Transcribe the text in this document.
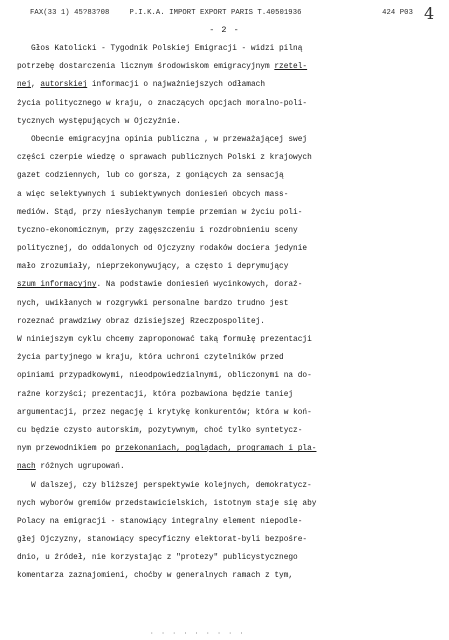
FAX(33 1) 45?83?08	P.I.K.A. IMPORT EXPORT PARIS T.40501936	424 P03 4
- 2 -
Głos Katolicki - Tygodnik Polskiej Emigracji - widzi pilną
potrzebę dostarczenia licznym środowiskom emigracyjnym rzetel-
nej, autorskiej informacji o najważniejszych odłamach
życia politycznego w kraju, o znaczących opcjach moralno-poli-
tycznych występujących w Ojczyźnie.
Obecnie emigracyjna opinia publiczna , w przeważającej swej
części czerpie wiedzę o sprawach publicznych Polski z krajowych
gazet codziennych, lub co gorsza, z goniących za sensacją
a więc selektywnych i subiektywnych doniesień obcych mass-
mediów. Stąd, przy niesłychanym tempie przemian w życiu poli-
tyczno-ekonomicznym, przy zagęszczeniu i rozdrobnieniu sceny
politycznej, do oddalonych od Ojczyzny rodaków dociera jedynie
mało zrozumiały, nieprzekonywujący, a często i deprymujący
szum informacyjny. Na podstawie doniesień wycinkowych, doraź-
nych, uwikłanych w rozgrywki personalne bardzo trudno jest
rozeznać prawdziwy obraz dzisiejszej Rzeczpospolitej.
W niniejszym cyklu chcemy zaproponować taką formułę prezentacji
życia partyjnego w kraju, która uchroni czytelników przed
opiniami przypadkowymi, nieodpowiedzialnymi, obliczonymi na do-
raźne korzyści; prezentacji, która pozbawiona będzie taniej
argumentacji, przez negację i krytykę konkurentów; która w koń-
cu będzie czysto autorskim, pozytywnym, choć tylko syntetycz-
nym przewodnikiem po przekonaniach, poglądach, programach i pla-
nach różnych ugrupowań.
W dalszej, czy bliższej perspektywie kolejnych, demokratycz-
nych wyborów gremiów przedstawicielskich, istotnym staje się aby
Polacy na emigracji - stanowiący integralny element niepodle-
głej Ojczyzny, stanowiący specyficzny elektorat-byli bezpośre-
dnio, u źródeł, nie korzystając z "protezy" publicystycznego
komentarza zaznajomieni, choćby w generalnych ramach z tym,
· · · · · · · · ·
